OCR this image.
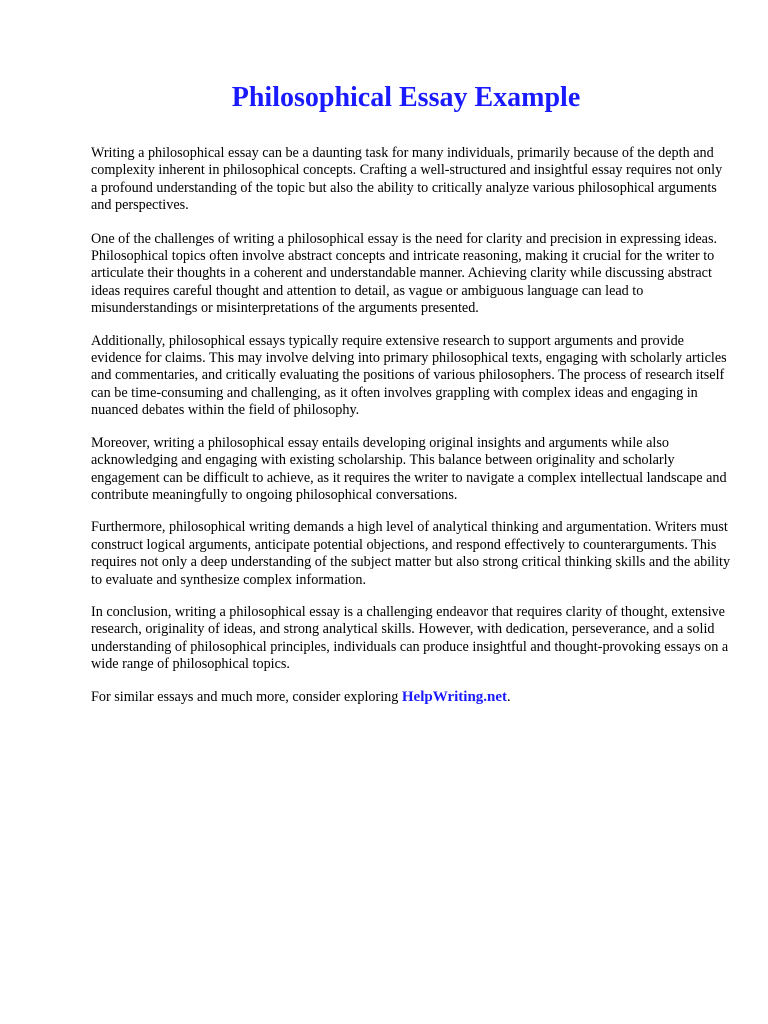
Philosophical Essay Example

Writing a philosophical essay can be a daunting task for many individuals, primarily because of the depth and complexity inherent in philosophical concepts. Crafting a well-structured and insightful essay requires not only a profound understanding of the topic but also the ability to critically analyze various philosophical arguments and perspectives.

One of the challenges of writing a philosophical essay is the need for clarity and precision in expressing ideas. Philosophical topics often involve abstract concepts and intricate reasoning, making it crucial for the writer to articulate their thoughts in a coherent and understandable manner. Achieving clarity while discussing abstract ideas requires careful thought and attention to detail, as vague or ambiguous language can lead to misunderstandings or misinterpretations of the arguments presented.

Additionally, philosophical essays typically require extensive research to support arguments and provide evidence for claims. This may involve delving into primary philosophical texts, engaging with scholarly articles and commentaries, and critically evaluating the positions of various philosophers. The process of research itself can be time-consuming and challenging, as it often involves grappling with complex ideas and engaging in nuanced debates within the field of philosophy.

Moreover, writing a philosophical essay entails developing original insights and arguments while also acknowledging and engaging with existing scholarship. This balance between originality and scholarly engagement can be difficult to achieve, as it requires the writer to navigate a complex intellectual landscape and contribute meaningfully to ongoing philosophical conversations.

Furthermore, philosophical writing demands a high level of analytical thinking and argumentation. Writers must construct logical arguments, anticipate potential objections, and respond effectively to counterarguments. This requires not only a deep understanding of the subject matter but also strong critical thinking skills and the ability to evaluate and synthesize complex information.

In conclusion, writing a philosophical essay is a challenging endeavor that requires clarity of thought, extensive research, originality of ideas, and strong analytical skills. However, with dedication, perseverance, and a solid understanding of philosophical principles, individuals can produce insightful and thought-provoking essays on a wide range of philosophical topics.

For similar essays and much more, consider exploring HelpWriting.net.
